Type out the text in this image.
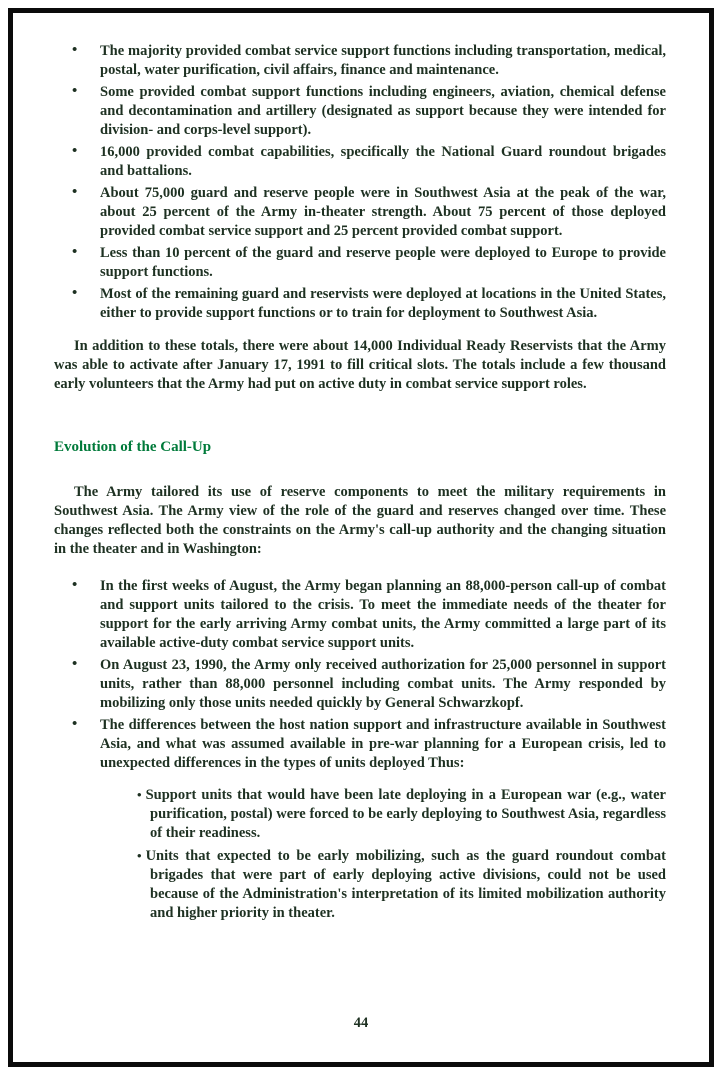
• The majority provided combat service support functions including transportation, medical, postal, water purification, civil affairs, finance and maintenance.
• Some provided combat support functions including engineers, aviation, chemical defense and decontamination and artillery (designated as support because they were intended for division- and corps-level support).
• 16,000 provided combat capabilities, specifically the National Guard roundout brigades and battalions.
• About 75,000 guard and reserve people were in Southwest Asia at the peak of the war, about 25 percent of the Army in-theater strength. About 75 percent of those deployed provided combat service support and 25 percent provided combat support.
• Less than 10 percent of the guard and reserve people were deployed to Europe to provide support functions.
• Most of the remaining guard and reservists were deployed at locations in the United States, either to provide support functions or to train for deployment to Southwest Asia.

In addition to these totals, there were about 14,000 Individual Ready Reservists that the Army was able to activate after January 17, 1991 to fill critical slots. The totals include a few thousand early volunteers that the Army had put on active duty in combat service support roles.

Evolution of the Call-Up

The Army tailored its use of reserve components to meet the military requirements in Southwest Asia. The Army view of the role of the guard and reserves changed over time. These changes reflected both the constraints on the Army's call-up authority and the changing situation in the theater and in Washington:

• In the first weeks of August, the Army began planning an 88,000-person call-up of combat and support units tailored to the crisis. To meet the immediate needs of the theater for support for the early arriving Army combat units, the Army committed a large part of its available active-duty combat service support units.
• On August 23, 1990, the Army only received authorization for 25,000 personnel in support units, rather than 88,000 personnel including combat units. The Army responded by mobilizing only those units needed quickly by General Schwarzkopf.
• The differences between the host nation support and infrastructure available in Southwest Asia, and what was assumed available in pre-war planning for a European crisis, led to unexpected differences in the types of units deployed Thus:
• Support units that would have been late deploying in a European war (e.g., water purification, postal) were forced to be early deploying to Southwest Asia, regardless of their readiness.
• Units that expected to be early mobilizing, such as the guard roundout combat brigades that were part of early deploying active divisions, could not be used because of the Administration's interpretation of its limited mobilization authority and higher priority in theater.
44
